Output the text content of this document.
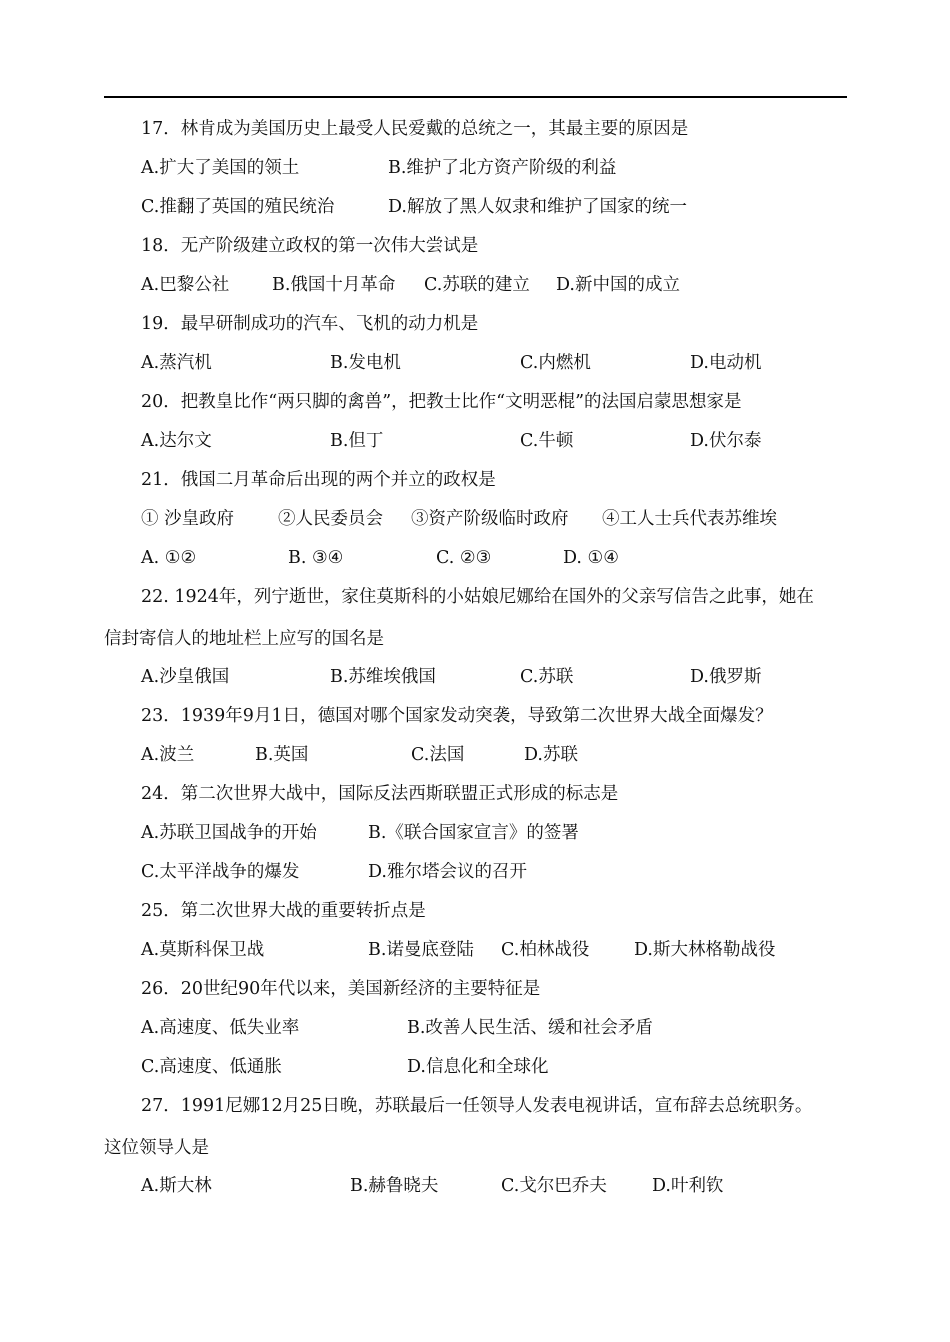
17．林肯成为美国历史上最受人民爱戴的总统之一，其最主要的原因是
A.扩大了美国的领土	B.维护了北方资产阶级的利益
C.推翻了英国的殖民统治	D.解放了黑人奴隶和维护了国家的统一
18．无产阶级建立政权的第一次伟大尝试是
A.巴黎公社 B.俄国十月革命 C.苏联的建立 D.新中国的成立
19．最早研制成功的汽车、飞机的动力机是
A.蒸汽机	B.发电机	C.内燃机	D.电动机
20．把教皇比作“两只脚的禽兽”，把教士比作“文明恶棍”的法国启蒙思想家是
A.达尔文	B.但丁	C.牛顿	D.伏尔泰
21．俄国二月革命后出现的两个并立的政权是
① 沙皇政府	②人民委员会 ③资产阶级临时政府 ④工人士兵代表苏维埃
A. ①②	B. ③④	C. ②③	D. ①④
22. 1924年，列宁逝世，家住莫斯科的小姑娘尼娜给在国外的父亲写信告之此事，她在
信封寄信人的地址栏上应写的国名是
A.沙皇俄国	B.苏维埃俄国	C.苏联	D.俄罗斯
23．1939年9月1日，德国对哪个国家发动突袭，导致第二次世界大战全面爆发？
A.波兰	B.英国	C.法国	D.苏联
24．第二次世界大战中，国际反法西斯联盟正式形成的标志是
A.苏联卫国战争的开始	B.《联合国家宣言》的签署
C.太平洋战争的爆发	D.雅尔塔会议的召开
25．第二次世界大战的重要转折点是
A.莫斯科保卫战	B.诺曼底登陆 C.柏林战役	D.斯大林格勒战役
26．20世纪90年代以来，美国新经济的主要特征是
A.高速度、低失业率	B.改善人民生活、缓和社会矛盾
C.高速度、低通胀	D.信息化和全球化
27．1991尼娜12月25日晚，苏联最后一任领导人发表电视讲话，宣布辞去总统职务。
这位领导人是
A.斯大林	B.赫鲁晓夫	C.戈尔巴乔夫	D.叶利钦
